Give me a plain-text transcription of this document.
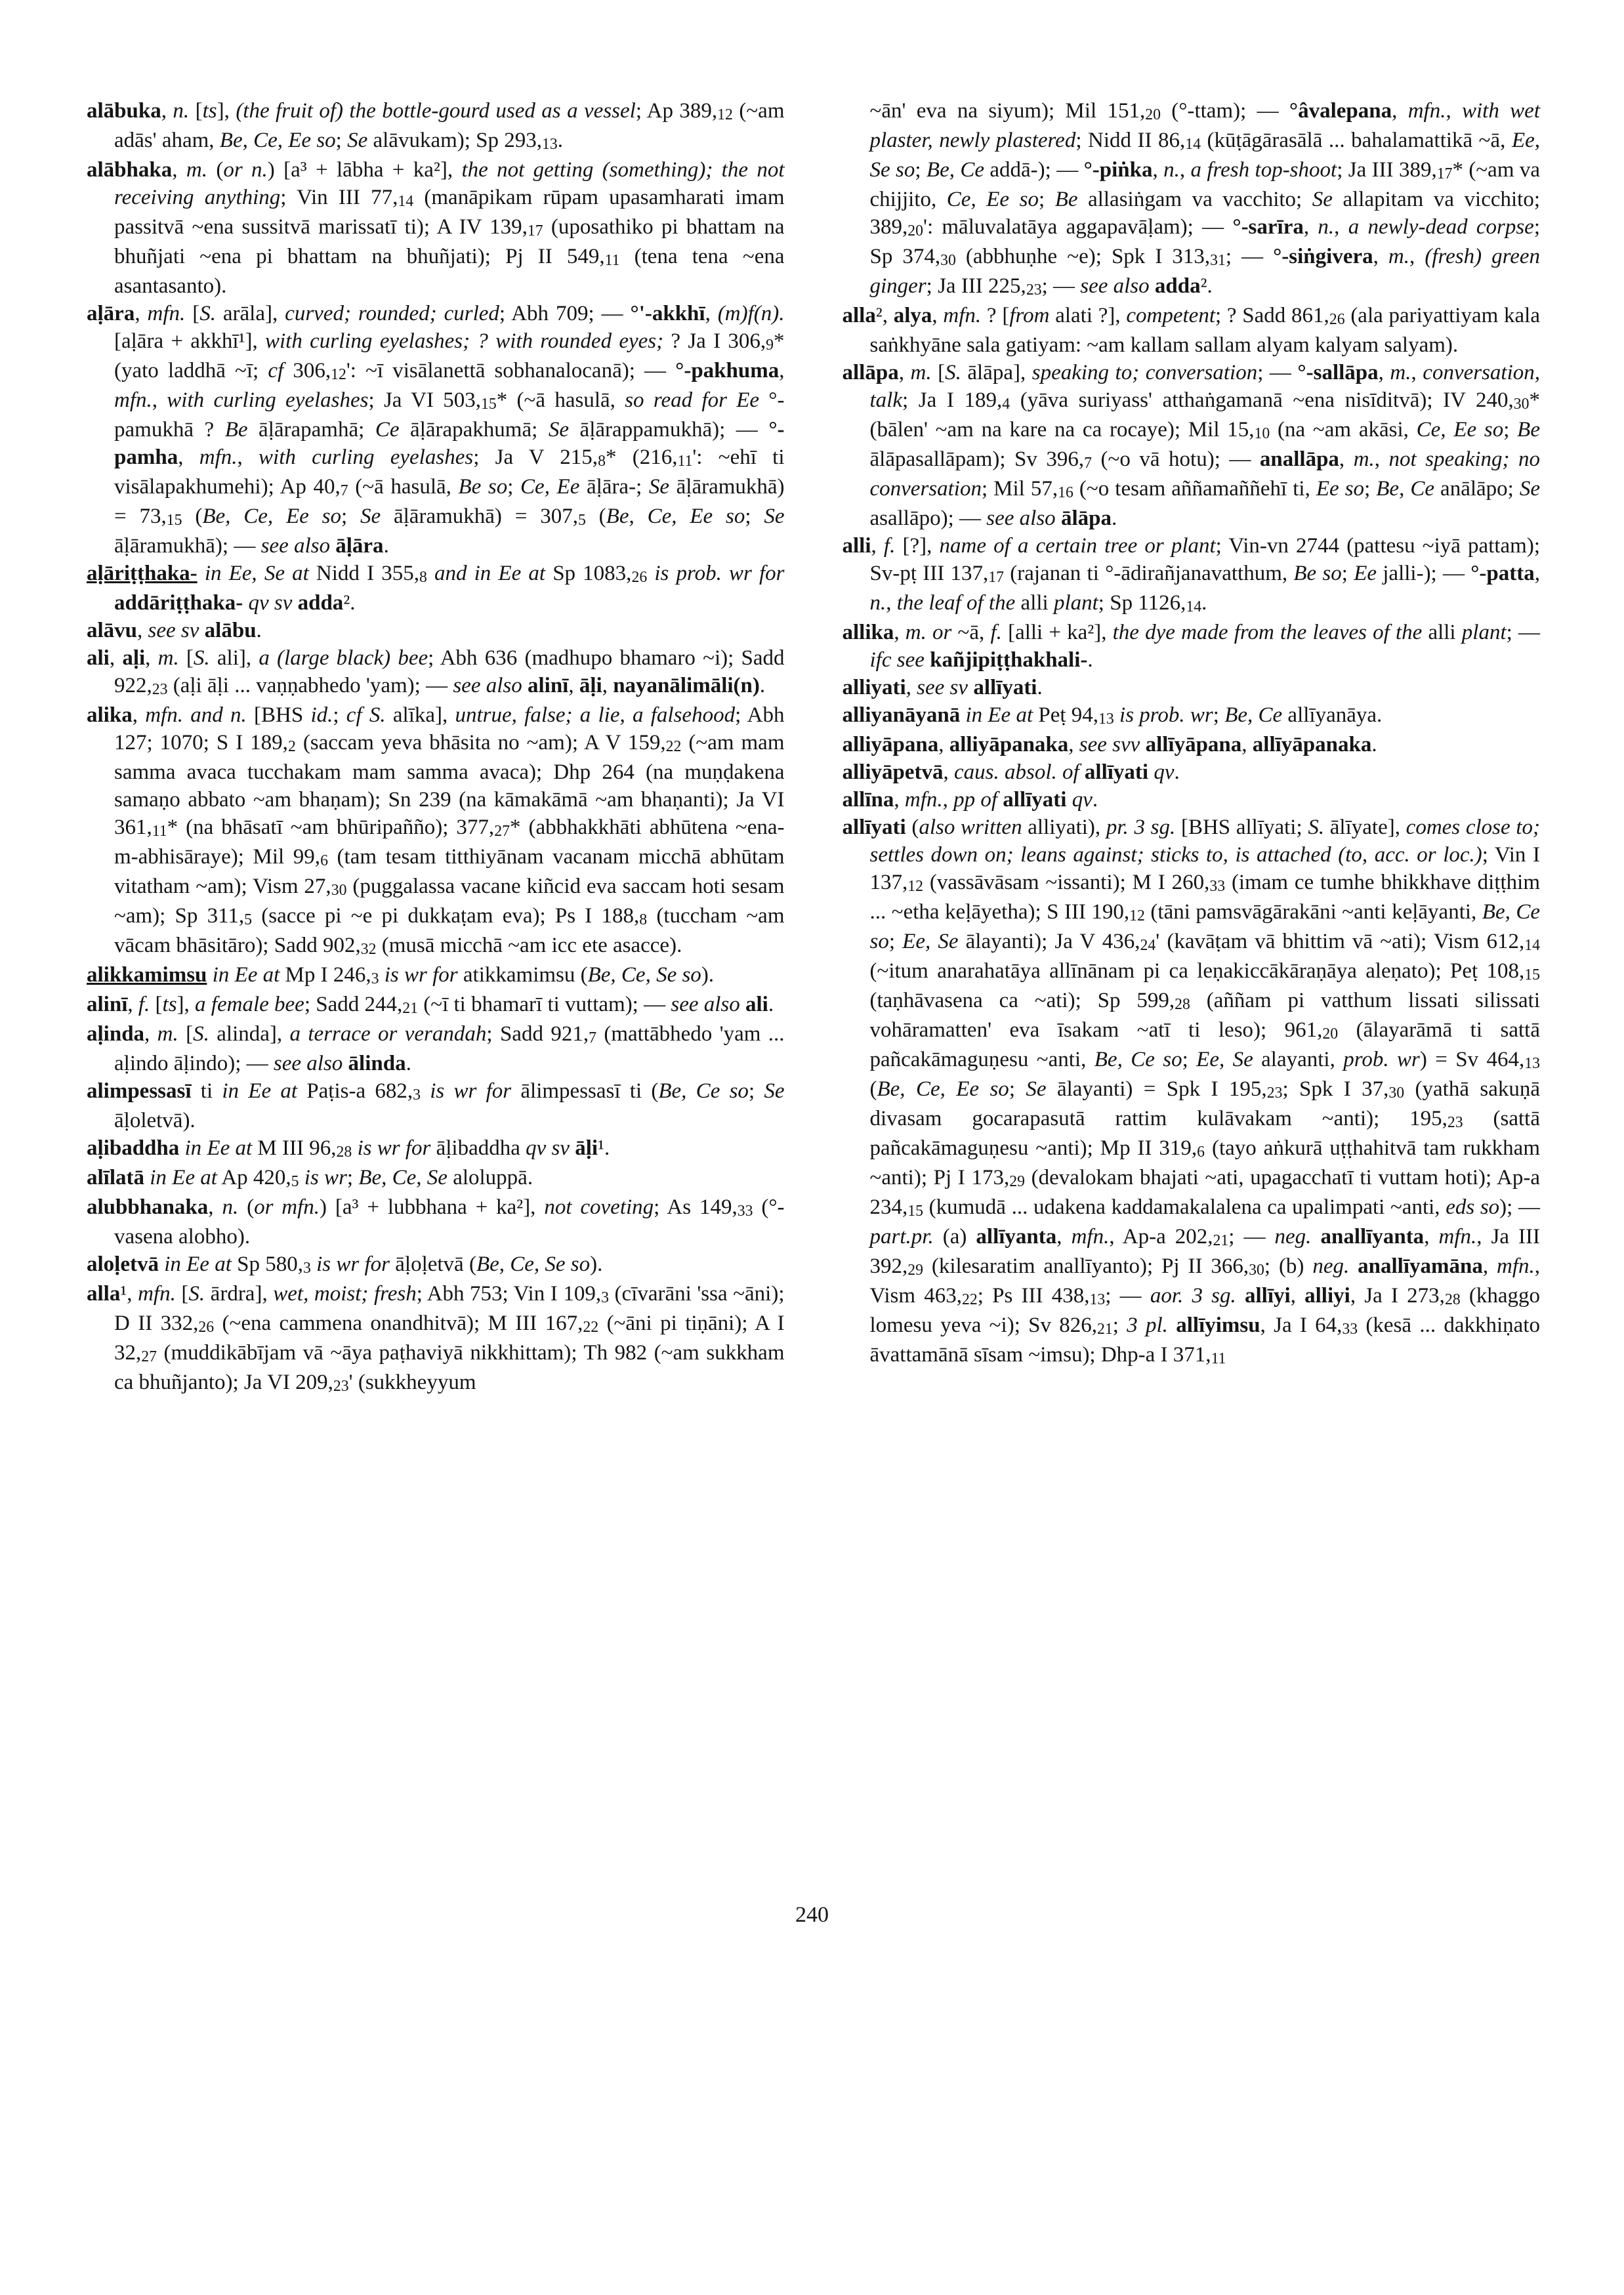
alābuka, n. [ts], (the fruit of) the bottle-gourd used as a vessel; Ap 389,12 (~am adās' aham, Be, Ce, Ee so; Se alāvukam); Sp 293,13.

alābhaka, m. (or n.) [a³ + lābha + ka²], the not getting (something); the not receiving anything; Vin III 77,14 (manāpikam rūpam upasamharati imam passitvā ~ena sussitvā marissatī ti); A IV 139,17 (uposathiko pi bhattam na bhuñjati ~ena pi bhattam na bhuñjati); Pj II 549,11 (tena tena ~ena asantasanto).

aḷāra, mfn. [S. arāla], curved; rounded; curled; Abh 709; — °'-akkhī, (m)f(n). [aḷāra + akkhī¹], with curling eyelashes; ? with rounded eyes; ? Ja I 306,9* (yato laddhā ~ī; cf 306,12': ~ī visālanettā sobhanalocanā); — °-pakhuma, mfn., with curling eyelashes; Ja VI 503,15* (~ā hasulā, so read for Ee °-pamukhā ? Be āḷārapamhā; Ce āḷārapakhumā; Se āḷārappamukhā); — °-pamha, mfn., with curling eyelashes; Ja V 215,8* (216,11': ~ehī ti visālapakhumehi); Ap 40,7 (~ā hasulā, Be so; Ce, Ee āḷāra-; Se āḷāramukhā) = 73,15 (Be, Ce, Ee so; Se āḷāramukhā) = 307,5 (Be, Ce, Ee so; Se āḷāramukhā); — see also āḷāra.

aḷāriṭṭhaka- in Ee, Se at Nidd I 355,8 and in Ee at Sp 1083,26 is prob. wr for addāriṭṭhaka- qv sv adda².

alāvu, see sv alābu.

ali, aḷi, m. [S. ali], a (large black) bee; Abh 636 (madhupo bhamaro ~i); Sadd 922,23 (aḷi āḷi ... vaṇṇabhedo 'yam); — see also alinī, āḷi, nayanālimāli(n).

alika, mfn. and n. [BHS id.; cf S. alīka], untrue, false; a lie, a falsehood; Abh 127; 1070; S I 189,2 (saccam yeva bhāsita no ~am); A V 159,22 (~am mam samma avaca tucchakam mam samma avaca); Dhp 264 (na muṇḍakena samaṇo abbato ~am bhaṇam); Sn 239 (na kāmakāmā ~am bhaṇanti); Ja VI 361,11* (na bhāsatī ~am bhūripañño); 377,27* (abbhakkhāti abhūtena ~ena-m-abhisāraye); Mil 99,6 (tam tesam titthiyānam vacanam micchā abhūtam vitatham ~am); Vism 27,30 (puggalassa vacane kiñcid eva saccam hoti sesam ~am); Sp 311,5 (sacce pi ~e pi dukkaṭam eva); Ps I 188,8 (tuccham ~am vācam bhāsitāro); Sadd 902,32 (musā micchā ~am icc ete asacce).

alikkamimsu in Ee at Mp I 246,3 is wr for atikkamimsu (Be, Ce, Se so).

alinī, f. [ts], a female bee; Sadd 244,21 (~ī ti bhamarī ti vuttam); — see also ali.

aḷinda, m. [S. alinda], a terrace or verandah; Sadd 921,7 (mattābhedo 'yam ... aḷindo āḷindo); — see also ālinda.

alimpessasī ti in Ee at Paṭis-a 682,3 is wr for ālimpessasī ti (Be, Ce so; Se āḷoletvā).

aḷibaddha in Ee at M III 96,28 is wr for āḷibaddha qv sv āḷi¹.

alīlatā in Ee at Ap 420,5 is wr; Be, Ce, Se aloluppā.

alubbhanaka, n. (or mfn.) [a³ + lubbhana + ka²], not coveting; As 149,33 (°-vasena alobho).

aloḷetvā in Ee at Sp 580,3 is wr for āḷoḷetvā (Be, Ce, Se so).

alla¹, mfn. [S. ārdra], wet, moist; fresh; Abh 753; Vin I 109,3 (cīvarāni 'ssa ~āni); D II 332,26 (~ena cammena onandhitvā); M III 167,22 (~āni pi tiṇāni); A I 32,27 (muddikābījam vā ~āya paṭhaviyā nikkhittam); Th 982 (~am sukkham ca bhuñjanto); Ja VI 209,23' (sukkheyyum

~ān' eva na siyum); Mil 151,20 (°-ttam); — °âvalepana, mfn., with wet plaster, newly plastered; Nidd II 86,14 (kūṭāgārasālā ... bahalamattikā ~ā, Ee, Se so; Be, Ce addā-); — °-piṅka, n., a fresh top-shoot; Ja III 389,17* (~am va chijjito, Ce, Ee so; Be allasiṅgam va vacchito; Se allapitam va vicchito; 389,20': māluvalatāya aggapavāḷam); — °-sarīra, n., a newly-dead corpse; Sp 374,30 (abbhuṇhe ~e); Spk I 313,31; — °-siṅgivera, m., (fresh) green ginger; Ja III 225,23; — see also adda².

alla², alya, mfn. ? [from alati ?], competent; ? Sadd 861,26 (ala pariyattiyam kala saṅkhyāne sala gatiyam: ~am kallam sallam alyam kalyam salyam).

allāpa, m. [S. ālāpa], speaking to; conversation; — °-sallāpa, m., conversation, talk; Ja I 189,4 (yāva suriyass' atthaṅgamanā ~ena nisīditvā); IV 240,30* (bālen' ~am na kare na ca rocaye); Mil 15,10 (na ~am akāsi, Ce, Ee so; Be ālāpasallāpam); Sv 396,7 (~o vā hotu); — anallāpa, m., not speaking; no conversation; Mil 57,16 (~o tesam aññamaññehī ti, Ee so; Be, Ce anālāpo; Se asallāpo); — see also ālāpa.

alli, f. [?], name of a certain tree or plant; Vin-vn 2744 (pattesu ~iyā pattam); Sv-pṭ III 137,17 (rajanan ti °-ādirañjanavatthum, Be so; Ee jalli-); — °-patta, n., the leaf of the alli plant; Sp 1126,14.

allika, m. or ~ā, f. [alli + ka²], the dye made from the leaves of the alli plant; — ifc see kañjipiṭṭhakhali-.

alliyati, see sv allīyati.

alliyanāyanā in Ee at Peṭ 94,13 is prob. wr; Be, Ce allīyanāya.

alliyāpana, alliyāpanaka, see svv allīyāpana, allīyāpanaka.

alliyāpetvā, caus. absol. of allīyati qv.

allīna, mfn., pp of allīyati qv.

allīyati (also written alliyati), pr. 3 sg. [BHS allīyati; S. ālīyate], comes close to; settles down on; leans against; sticks to, is attached (to, acc. or loc.); Vin I 137,12 (vassāvāsam ~issanti); M I 260,33 (imam ce tumhe bhikkhave diṭṭhim ... ~etha keḷāyetha); S III 190,12 (tāni pamsvāgārakāni ~anti keḷāyanti, Be, Ce so; Ee, Se ālayanti); Ja V 436,24' (kavāṭam vā bhittim vā ~ati); Vism 612,14 (~itum anarahatāya allīnānam pi ca leṇakiccākāraṇāya aleṇato); Peṭ 108,15 (taṇhāvasena ca ~ati); Sp 599,28 (aññam pi vatthum lissati silissati vohāramatten' eva īsakam ~atī ti leso); 961,20 (ālayarāmā ti sattā pañcakāmaguṇesu ~anti, Be, Ce so; Ee, Se alayanti, prob. wr) = Sv 464,13 (Be, Ce, Ee so; Se ālayanti) = Spk I 195,23; Spk I 37,30 (yathā sakuṇā divasam gocarapasutā rattim kulāvakam ~anti); 195,23 (sattā pañcakāmaguṇesu ~anti); Mp II 319,6 (tayo aṅkurā uṭṭhahitvā tam rukkham ~anti); Pj I 173,29 (devalokam bhajati ~ati, upagacchatī ti vuttam hoti); Ap-a 234,15 (kumudā ... udakena kaddamakalalena ca upalimpati ~anti, eds so); — part.pr. (a) allīyanta, mfn., Ap-a 202,21; — neg. anallīyanta, mfn., Ja III 392,29 (kilesaratim anallīyanto); Pj II 366,30; (b) neg. anallīyamāna, mfn., Vism 463,22; Ps III 438,13; — aor. 3 sg. allīyi, alliyi, Ja I 273,28 (khaggo lomesu yeva ~i); Sv 826,21; 3 pl. allīyimsu, Ja I 64,33 (kesā ... dakkhiṇato āvattamānā sīsam ~imsu); Dhp-a I 371,11

240
